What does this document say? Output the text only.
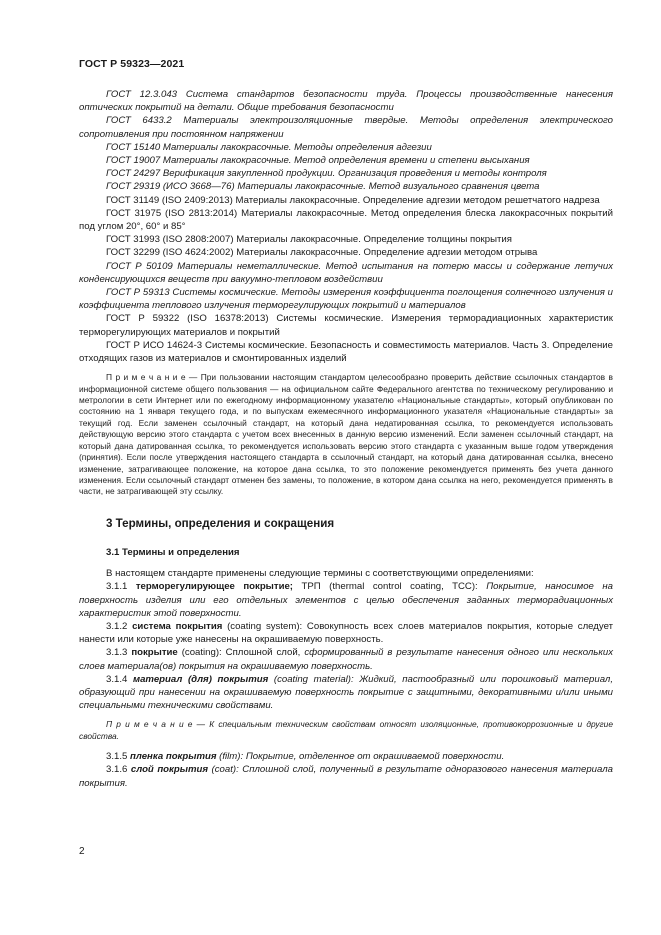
ГОСТ Р 59323—2021

ГОСТ 12.3.043 Система стандартов безопасности труда. Процессы производственные нанесения оптических покрытий на детали. Общие требования безопасности

ГОСТ 6433.2 Материалы электроизоляционные твердые. Методы определения электрического сопротивления при постоянном напряжении

ГОСТ 15140 Материалы лакокрасочные. Методы определения адгезии

ГОСТ 19007 Материалы лакокрасочные. Метод определения времени и степени высыхания

ГОСТ 24297 Верификация закупленной продукции. Организация проведения и методы контроля

ГОСТ 29319 (ИСО 3668—76) Материалы лакокрасочные. Метод визуального сравнения цвета

ГОСТ 31149 (ISO 2409:2013) Материалы лакокрасочные. Определение адгезии методом решетчатого надреза

ГОСТ 31975 (ISO 2813:2014) Материалы лакокрасочные. Метод определения блеска лакокрасочных покрытий под углом 20°, 60° и 85°

ГОСТ 31993 (ISO 2808:2007) Материалы лакокрасочные. Определение толщины покрытия

ГОСТ 32299 (ISO 4624:2002) Материалы лакокрасочные. Определение адгезии методом отрыва

ГОСТ Р 50109 Материалы неметаллические. Метод испытания на потерю массы и содержание летучих конденсирующихся веществ при вакуумно-тепловом воздействии

ГОСТ Р 59313 Системы космические. Методы измерения коэффициента поглощения солнечного излучения и коэффициента теплового излучения терморегулирующих покрытий и материалов

ГОСТ Р 59322 (ISO 16378:2013) Системы космические. Измерения терморадиационных характеристик терморегулирующих материалов и покрытий

ГОСТ Р ИСО 14624-3 Системы космические. Безопасность и совместимость материалов. Часть 3. Определение отходящих газов из материалов и смонтированных изделий

П р и м е ч а н и е — При пользовании настоящим стандартом целесообразно проверить действие ссылочных стандартов в информационной системе общего пользования — на официальном сайте Федерального агентства по техническому регулированию и метрологии в сети Интернет или по ежегодному информационному указателю «Национальные стандарты», который опубликован по состоянию на 1 января текущего года, и по выпускам ежемесячного информационного указателя «Национальные стандарты» за текущий год. Если заменен ссылочный стандарт, на который дана недатированная ссылка, то рекомендуется использовать действующую версию этого стандарта с учетом всех внесенных в данную версию изменений. Если заменен ссылочный стандарт, на который дана датированная ссылка, то рекомендуется использовать версию этого стандарта с указанным выше годом утверждения (принятия). Если после утверждения настоящего стандарта в ссылочный стандарт, на который дана датированная ссылка, внесено изменение, затрагивающее положение, на которое дана ссылка, то это положение рекомендуется применять без учета данного изменения. Если ссылочный стандарт отменен без замены, то положение, в котором дана ссылка на него, рекомендуется применять в части, не затрагивающей эту ссылку.

3 Термины, определения и сокращения
3.1 Термины и определения

В настоящем стандарте применены следующие термины с соответствующими определениями:

3.1.1 терморегулирующее покрытие; ТРП (thermal control coating, TCC): Покрытие, наносимое на поверхность изделия или его отдельных элементов с целью обеспечения заданных терморадиационных характеристик этой поверхности.

3.1.2 система покрытия (coating system): Совокупность всех слоев материалов покрытия, которые следует нанести или которые уже нанесены на окрашиваемую поверхность.

3.1.3 покрытие (coating): Сплошной слой, сформированный в результате нанесения одного или нескольких слоев материала(ов) покрытия на окрашиваемую поверхность.

3.1.4 материал (для) покрытия (coating material): Жидкий, пастообразный или порошковый материал, образующий при нанесении на окрашиваемую поверхность покрытие с защитными, декоративными и/или иными специальными техническими свойствами.

П р и м е ч а н и е — К специальным техническим свойствам относят изоляционные, противокоррозионные и другие свойства.

3.1.5 пленка покрытия (film): Покрытие, отделенное от окрашиваемой поверхности.

3.1.6 слой покрытия (coat): Сплошной слой, полученный в результате одноразового нанесения материала покрытия.

2
